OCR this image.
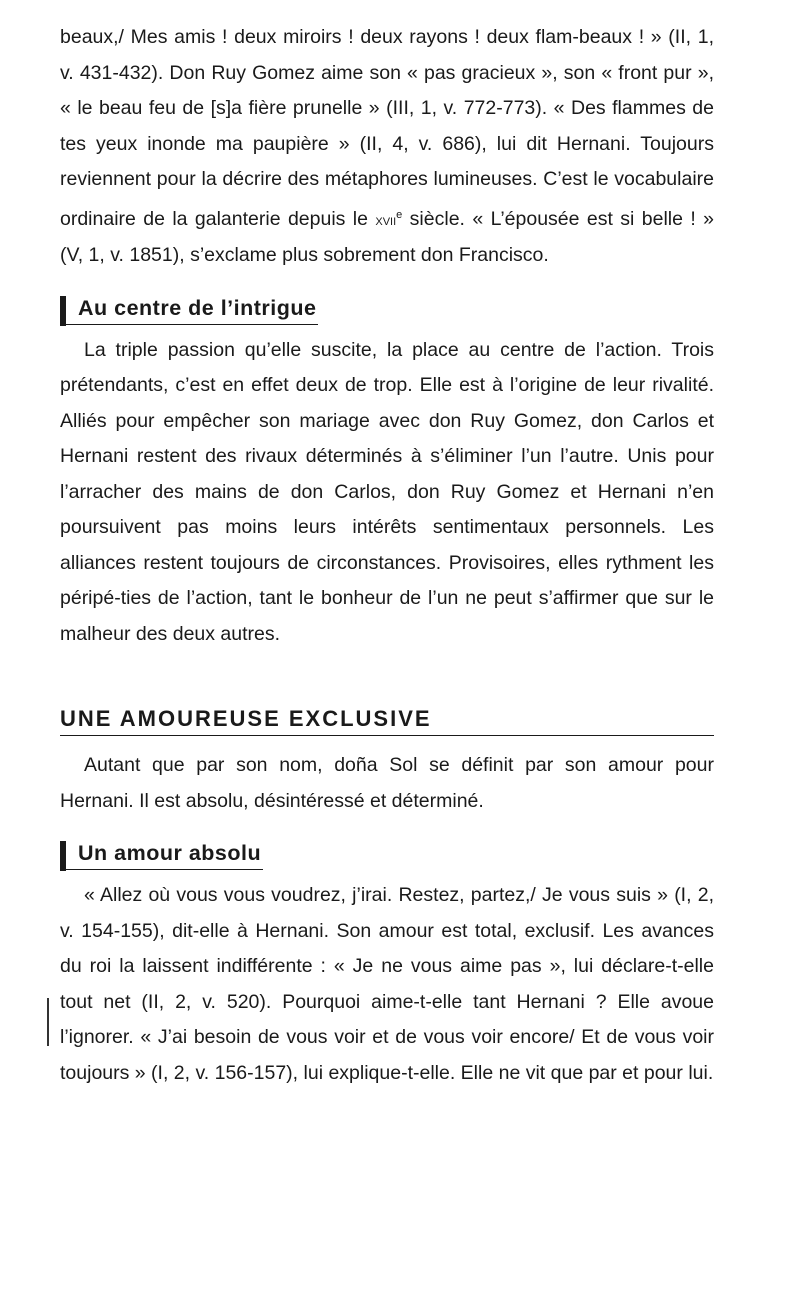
beaux,/ Mes amis ! deux miroirs ! deux rayons ! deux flam-beaux ! » (II, 1, v. 431-432). Don Ruy Gomez aime son « pas gracieux », son « front pur », « le beau feu de [s]a fière prunelle » (III, 1, v. 772-773). « Des flammes de tes yeux inonde ma paupière » (II, 4, v. 686), lui dit Hernani. Toujours reviennent pour la décrire des métaphores lumineuses. C’est le vocabulaire ordinaire de la galanterie depuis le xvii$^e$ siècle. « L’épousée est si belle ! » (V, 1, v. 1851), s’exclame plus sobrement don Francisco.

Au centre de l’intrigue

La triple passion qu’elle suscite, la place au centre de l’action. Trois prétendants, c’est en effet deux de trop. Elle est à l’origine de leur rivalité. Alliés pour empêcher son mariage avec don Ruy Gomez, don Carlos et Hernani restent des rivaux déterminés à s’éliminer l’un l’autre. Unis pour l’arracher des mains de don Carlos, don Ruy Gomez et Hernani n’en poursuivent pas moins leurs intérêts sentimentaux personnels. Les alliances restent toujours de circonstances. Provisoires, elles rythment les péripé-ties de l’action, tant le bonheur de l’un ne peut s’affirmer que sur le malheur des deux autres.

UNE AMOUREUSE EXCLUSIVE

Autant que par son nom, doña Sol se définit par son amour pour Hernani. Il est absolu, désintéressé et déterminé.

Un amour absolu

« Allez où vous vous voudrez, j’irai. Restez, partez,/ Je vous suis » (I, 2, v. 154-155), dit-elle à Hernani. Son amour est total, exclusif. Les avances du roi la laissent indifférente : « Je ne vous aime pas », lui déclare-t-elle tout net (II, 2, v. 520). Pourquoi aime-t-elle tant Hernani ? Elle avoue l’ignorer. « J’ai besoin de vous voir et de vous voir encore/ Et de vous voir toujours » (I, 2, v. 156-157), lui explique-t-elle. Elle ne vit que par et pour lui.
